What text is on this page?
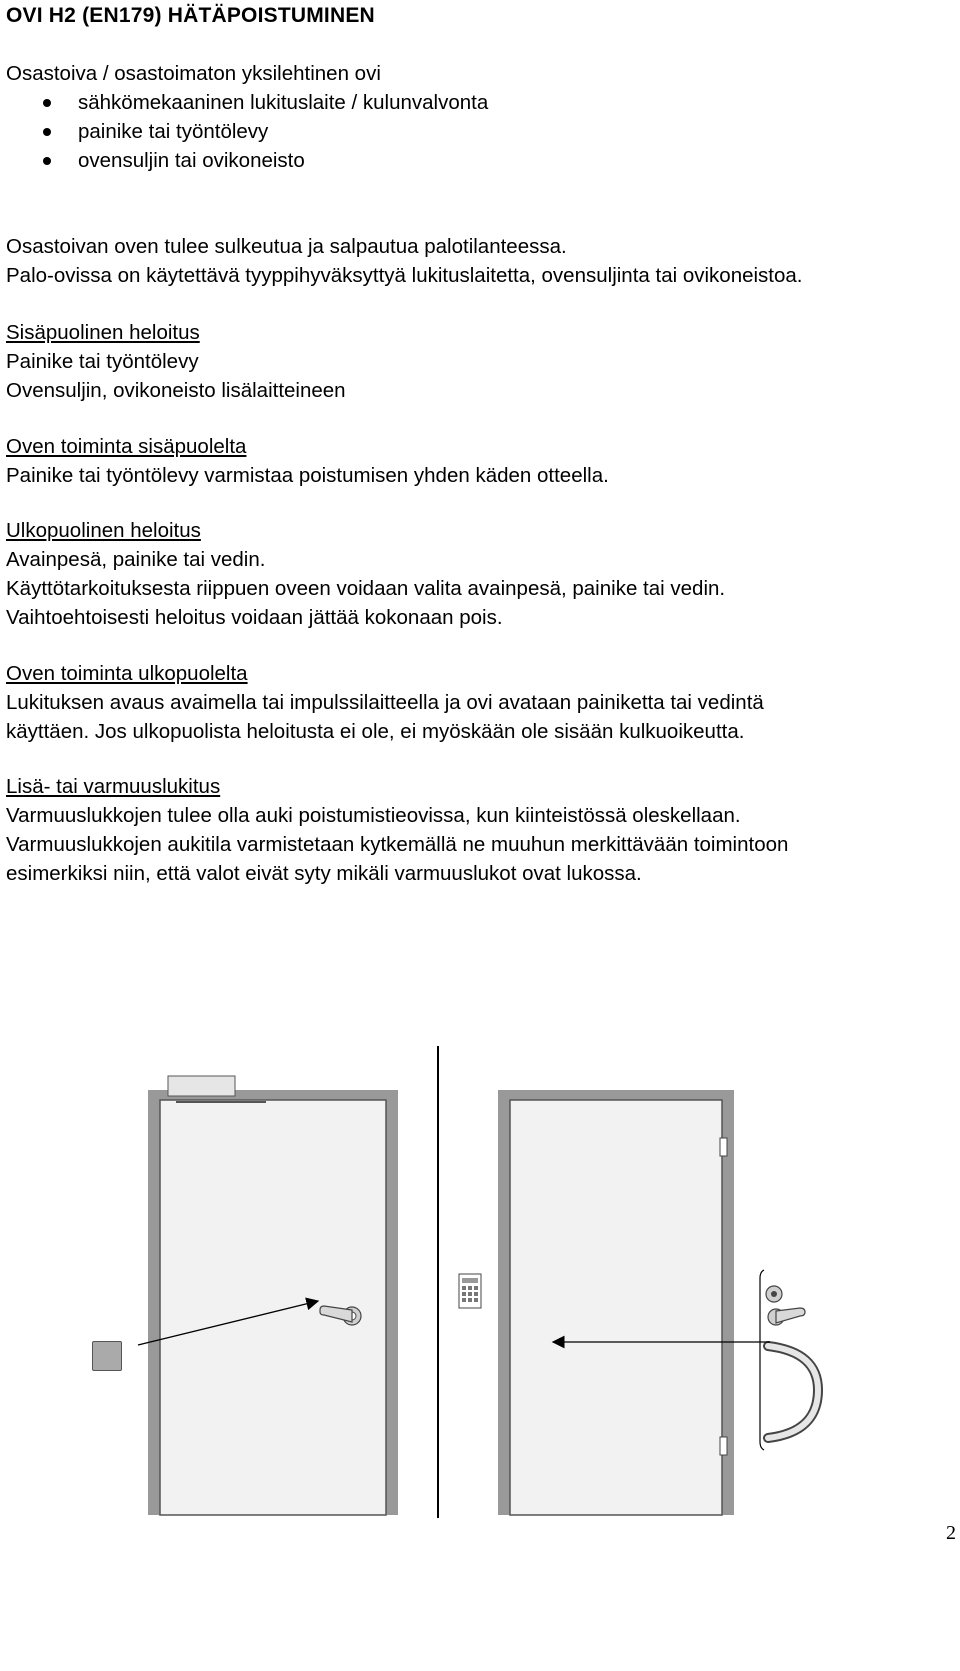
OVI H2 (EN179) HÄTÄPOISTUMINEN

Osastoiva / osastoimaton yksilehtinen ovi

sähkömekaaninen lukituslaite / kulunvalvonta
painike tai työntölevy
ovensuljin tai ovikoneisto

Osastoivan oven tulee sulkeutua ja salpautua palotilanteessa.

Palo-ovissa on käytettävä tyyppihyväksyttyä lukituslaitetta, ovensuljinta tai ovikoneistoa.

Sisäpuolinen heloitus

Painike tai työntölevy

Ovensuljin, ovikoneisto lisälaitteineen

Oven toiminta sisäpuolelta

Painike tai työntölevy varmistaa poistumisen yhden käden otteella.

Ulkopuolinen heloitus

Avainpesä, painike tai vedin.

Käyttötarkoituksesta riippuen oveen voidaan valita avainpesä, painike tai vedin.

Vaihtoehtoisesti heloitus voidaan jättää kokonaan pois.

Oven toiminta ulkopuolelta

Lukituksen avaus avaimella tai impulssilaitteella ja ovi avataan painiketta tai vedintä

käyttäen. Jos ulkopuolista heloitusta ei ole, ei myöskään ole sisään kulkuoikeutta.

Lisä- tai varmuuslukitus

Varmuuslukkojen tulee olla auki poistumistieovissa, kun kiinteistössä oleskellaan.

Varmuuslukkojen aukitila varmistetaan kytkemällä ne muuhun merkittävään toimintoon

esimerkiksi niin, että valot eivät syty mikäli varmuuslukot ovat lukossa.

2
